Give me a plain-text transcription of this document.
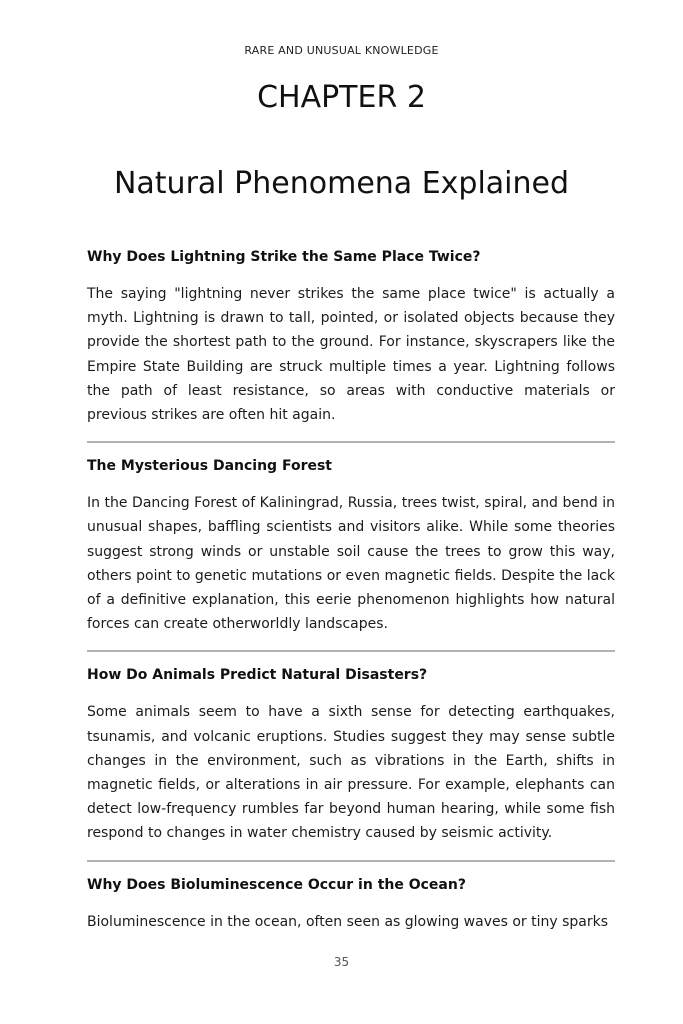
RARE AND UNUSUAL KNOWLEDGE
CHAPTER 2
Natural Phenomena Explained
Why Does Lightning Strike the Same Place Twice?

The saying "lightning never strikes the same place twice" is actually a myth. Lightning is drawn to tall, pointed, or isolated objects because they provide the shortest path to the ground. For instance, skyscrapers like the Empire State Building are struck multiple times a year. Lightning follows the path of least resistance, so areas with conductive materials or previous strikes are often hit again.

The Mysterious Dancing Forest

In the Dancing Forest of Kaliningrad, Russia, trees twist, spiral, and bend in unusual shapes, baffling scientists and visitors alike. While some theories suggest strong winds or unstable soil cause the trees to grow this way, others point to genetic mutations or even magnetic fields. Despite the lack of a definitive explanation, this eerie phenomenon highlights how natural forces can create otherworldly landscapes.

How Do Animals Predict Natural Disasters?

Some animals seem to have a sixth sense for detecting earthquakes, tsunamis, and volcanic eruptions. Studies suggest they may sense subtle changes in the environment, such as vibrations in the Earth, shifts in magnetic fields, or alterations in air pressure. For example, elephants can detect low-frequency rumbles far beyond human hearing, while some fish respond to changes in water chemistry caused by seismic activity.

Why Does Bioluminescence Occur in the Ocean?

Bioluminescence in the ocean, often seen as glowing waves or tiny sparks

35
